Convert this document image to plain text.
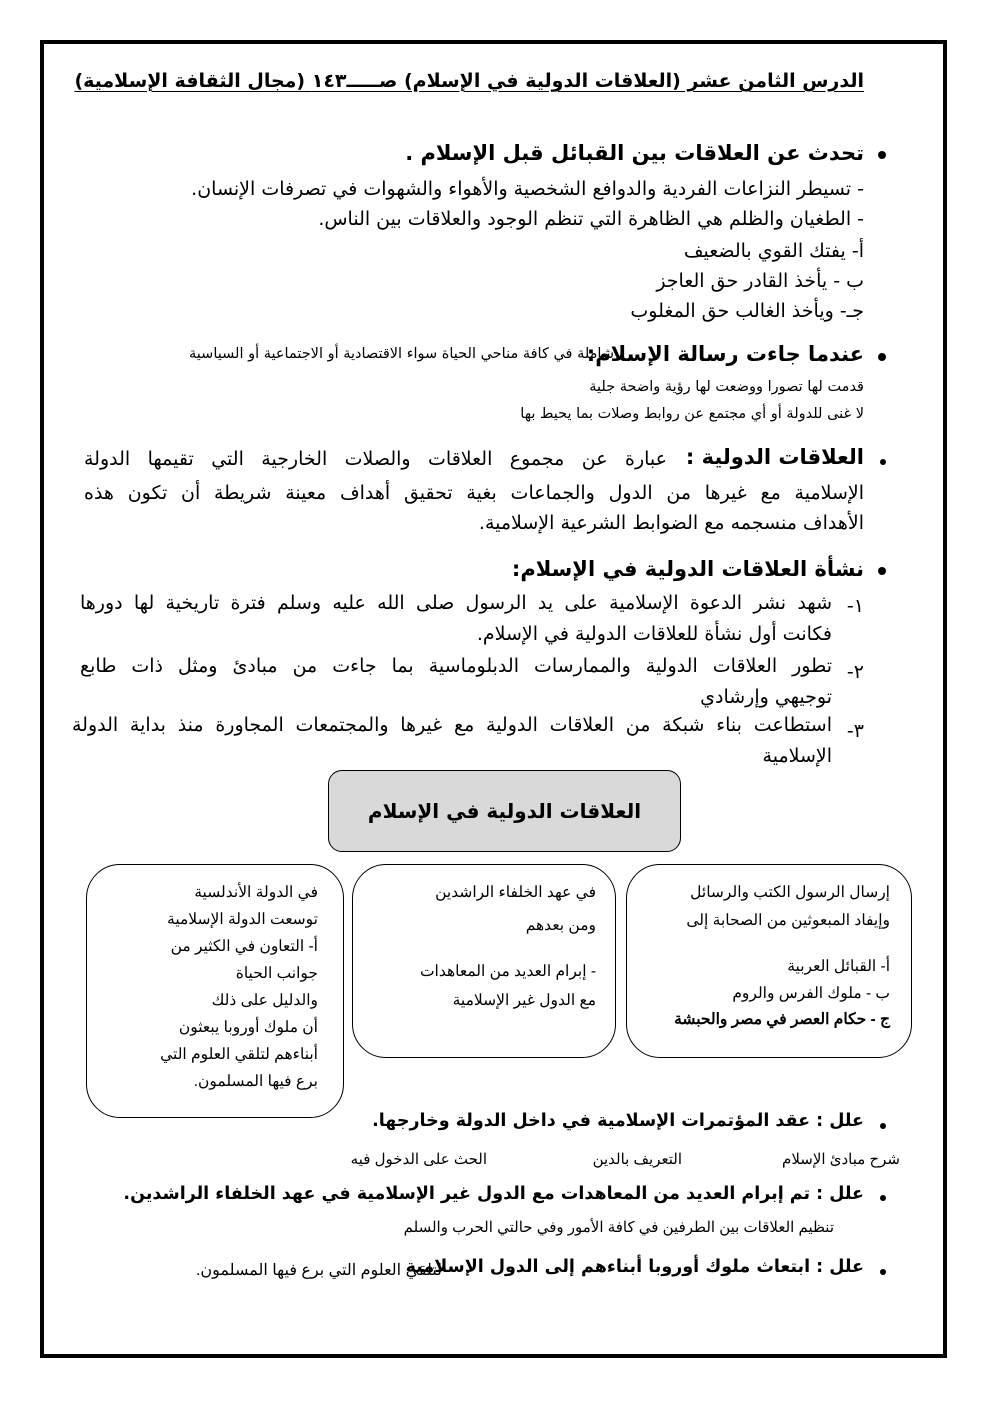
الدرس الثامن عشر (العلاقات الدولية في الإسلام) صـــــ١٤٣ (مجال الثقافة الإسلامية)
تحدث عن العلاقات بين القبائل قبل الإسلام .
- تسيطر النزاعات الفردية والدوافع الشخصية والأهواء والشهوات في تصرفات الإنسان.
- الطغيان والظلم هي الظاهرة التي تنظم الوجود والعلاقات بين الناس.
أ- يفتك القوي بالضعيف
ب - يأخذ القادر حق العاجز
جـ- ويأخذ الغالب حق المغلوب
عندما جاءت رسالة الإسلام:
شاملة في كافة مناحي الحياة سواء الاقتصادية أو الاجتماعية أو السياسية
قدمت لها تصورا ووضعت لها رؤية واضحة جلية
لا غنى للدولة أو أي مجتمع عن روابط وصلات بما يحيط بها
العلاقات الدولية :
عبارة عن مجموع العلاقات والصلات الخارجية التي تقيمها الدولة
الإسلامية مع غيرها من الدول والجماعات بغية تحقيق أهداف معينة شريطة أن تكون هذه
الأهداف منسجمه مع الضوابط الشرعية الإسلامية.
نشأة العلاقات الدولية في الإسلام:
١-
شهد نشر الدعوة الإسلامية على يد الرسول صلى الله عليه وسلم فترة تاريخية لها دورها
فكانت أول نشأة للعلاقات الدولية في الإسلام.
٢-
تطور العلاقات الدولية والممارسات الدبلوماسية بما جاءت من مبادئ ومثل ذات طابع
توجيهي وإرشادي
٣-
استطاعت بناء شبكة من العلاقات الدولية مع غيرها والمجتمعات المجاورة منذ بداية الدولة
الإسلامية
العلاقات الدولية في الإسلام
إرسال الرسول الكتب والرسائل
وإيفاد المبعوثين من الصحابة إلى
أ- القبائل العربية
ب - ملوك الفرس والروم
ج - حكام العصر في مصر والحبشة
في عهد الخلفاء الراشدين
ومن بعدهم
- إبرام العديد من المعاهدات
مع الدول غير الإسلامية
في الدولة الأندلسية
توسعت الدولة الإسلامية
أ- التعاون في الكثير من
جوانب الحياة
والدليل على ذلك
أن ملوك أوروبا يبعثون
أبناءهم لتلقي العلوم التي
برع فيها المسلمون.
علل : عقد المؤتمرات الإسلامية في داخل الدولة وخارجها.
شرح مبادئ الإسلام
التعريف بالدين
الحث على الدخول فيه
علل : تم إبرام العديد من المعاهدات مع الدول غير الإسلامية في عهد الخلفاء الراشدين.
تنظيم العلاقات بين الطرفين في كافة الأمور وفي حالتي الحرب والسلم
علل : ابتعاث ملوك أوروبا أبناءهم إلى الدول الإسلامية
لتلقي العلوم التي برع فيها المسلمون.
